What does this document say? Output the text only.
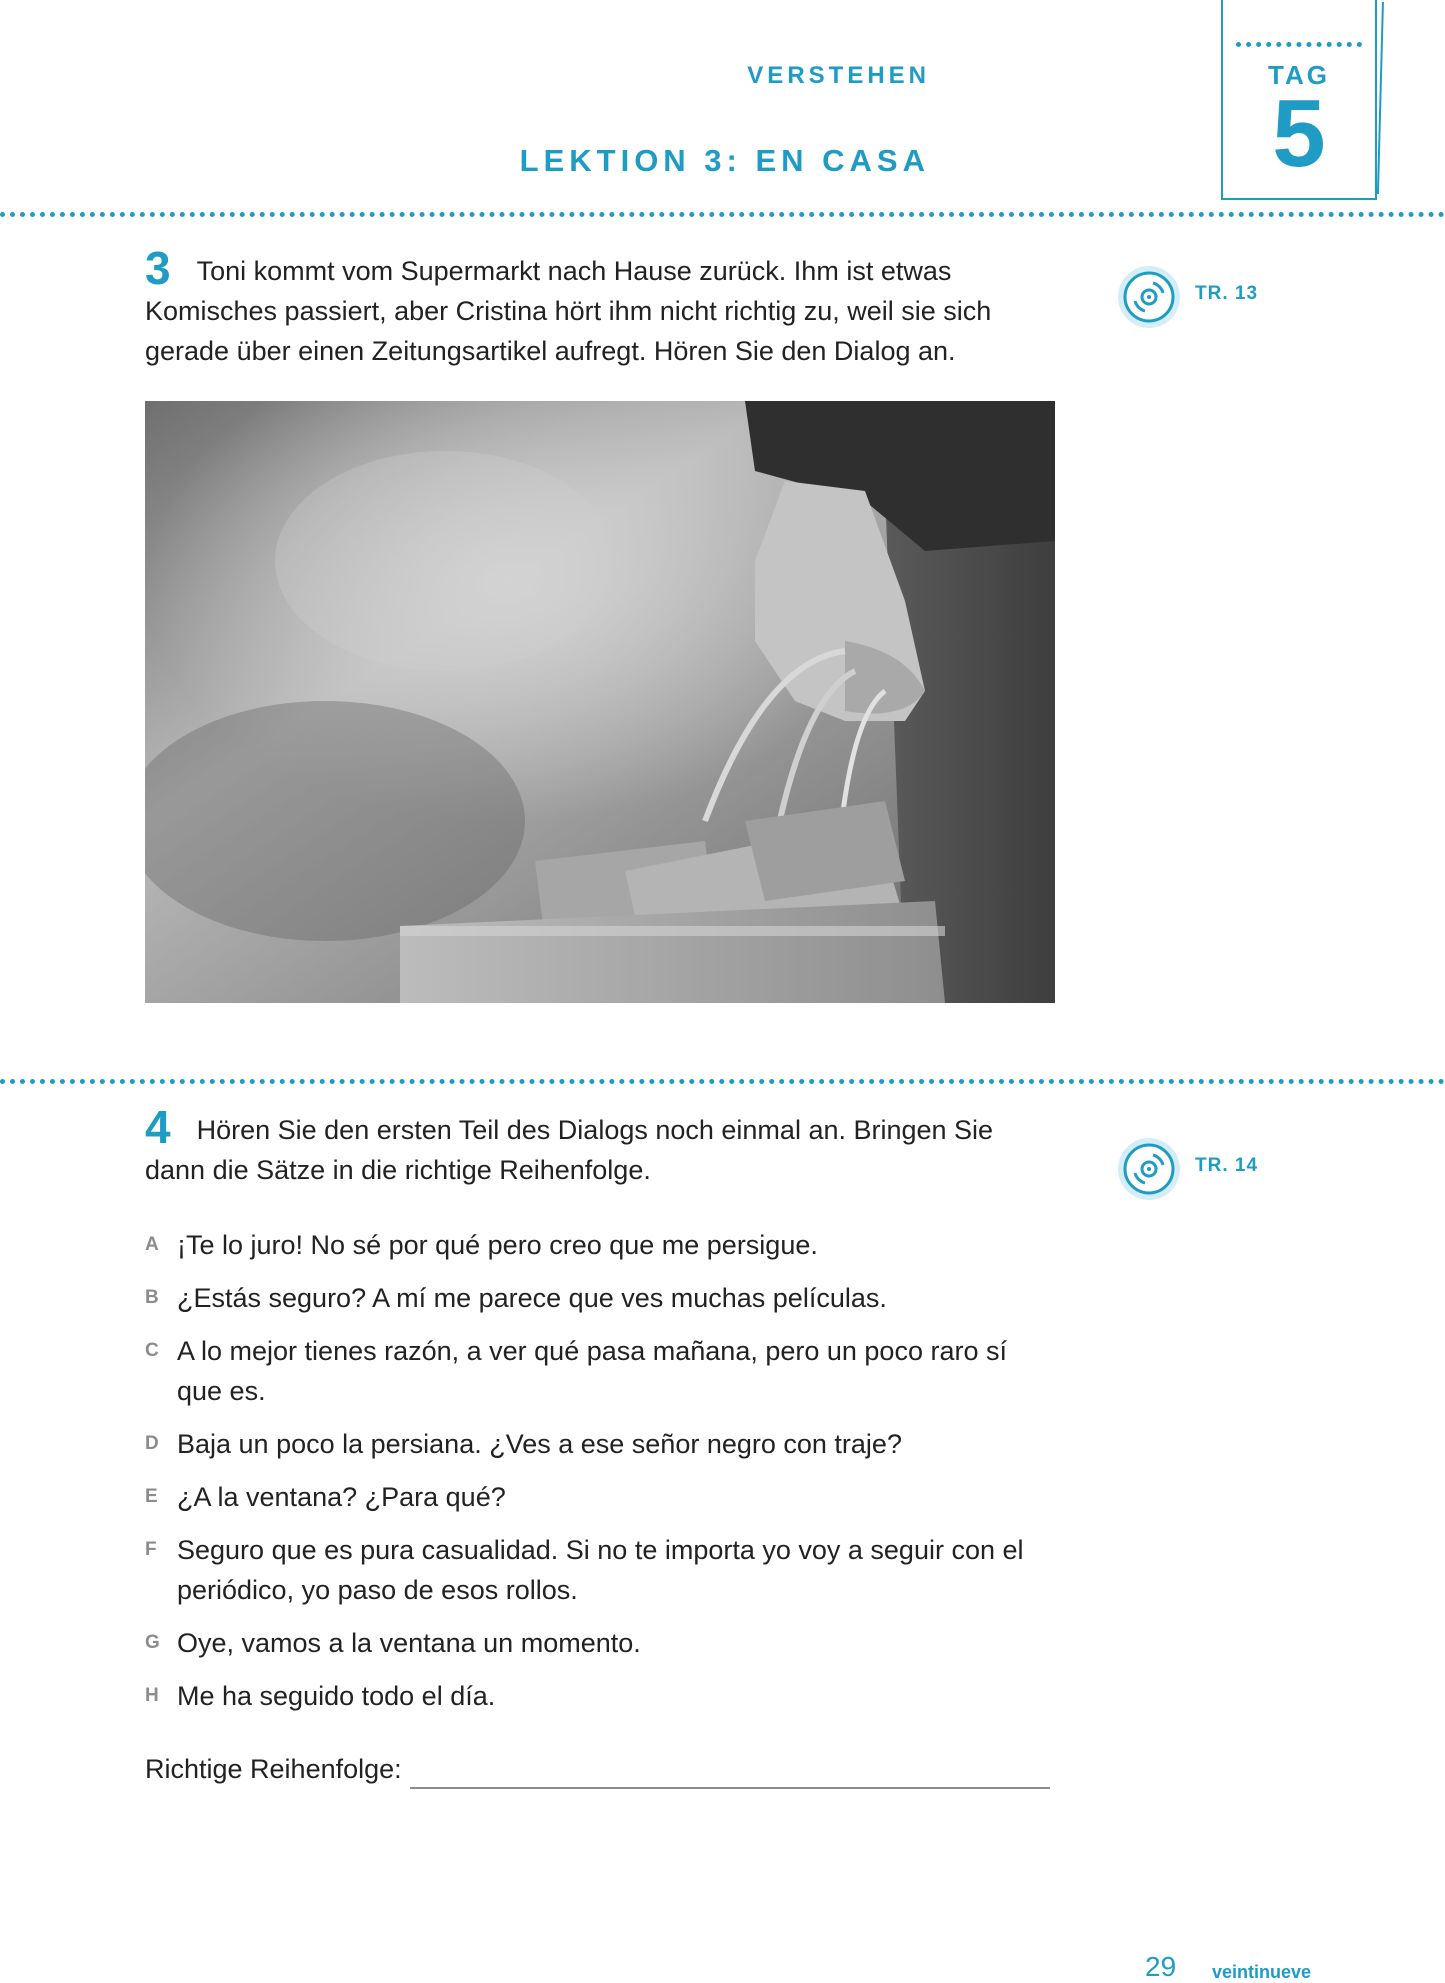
VERSTEHEN
LEKTION 3: EN CASA
TAG
5
3 Toni kommt vom Supermarkt nach Hause zurück. Ihm ist etwas Komisches passiert, aber Cristina hört ihm nicht richtig zu, weil sie sich gerade über einen Zeitungsartikel aufregt. Hören Sie den Dialog an.
TR. 13
4 Hören Sie den ersten Teil des Dialogs noch einmal an. Bringen Sie dann die Sätze in die richtige Reihenfolge.	TR. 14
A ¡Te lo juro! No sé por qué pero creo que me persigue.
B ¿Estás seguro? A mí me parece que ves muchas películas.
C A lo mejor tienes razón, a ver qué pasa mañana, pero un poco raro sí que es.
D Baja un poco la persiana. ¿Ves a ese señor negro con traje?
E ¿A la ventana? ¿Para qué?
F Seguro que es pura casualidad. Si no te importa yo voy a seguir con el periódico, yo paso de esos rollos.
G Oye, vamos a la ventana un momento.
H Me ha seguido todo el día.
Richtige Reihenfolge:
29 veintinueve
